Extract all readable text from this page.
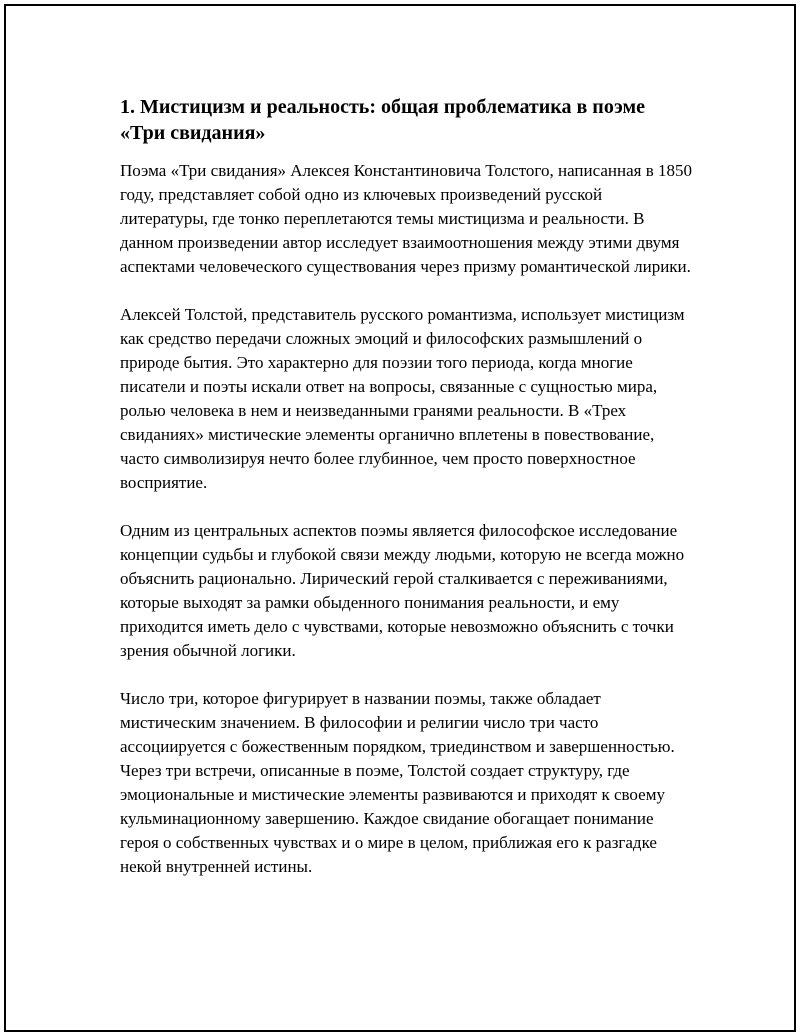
1. Мистицизм и реальность: общая проблематика в поэме «Три свидания»

Поэма «Три свидания» Алексея Константиновича Толстого, написанная в 1850 году, представляет собой одно из ключевых произведений русской литературы, где тонко переплетаются темы мистицизма и реальности. В данном произведении автор исследует взаимоотношения между этими двумя аспектами человеческого существования через призму романтической лирики.

Алексей Толстой, представитель русского романтизма, использует мистицизм как средство передачи сложных эмоций и философских размышлений о природе бытия. Это характерно для поэзии того периода, когда многие писатели и поэты искали ответ на вопросы, связанные с сущностью мира, ролью человека в нем и неизведанными гранями реальности. В «Трех свиданиях» мистические элементы органично вплетены в повествование, часто символизируя нечто более глубинное, чем просто поверхностное восприятие.

Одним из центральных аспектов поэмы является философское исследование концепции судьбы и глубокой связи между людьми, которую не всегда можно объяснить рационально. Лирический герой сталкивается с переживаниями, которые выходят за рамки обыденного понимания реальности, и ему приходится иметь дело с чувствами, которые невозможно объяснить с точки зрения обычной логики.

Число три, которое фигурирует в названии поэмы, также обладает мистическим значением. В философии и религии число три часто ассоциируется с божественным порядком, триединством и завершенностью. Через три встречи, описанные в поэме, Толстой создает структуру, где эмоциональные и мистические элементы развиваются и приходят к своему кульминационному завершению. Каждое свидание обогащает понимание героя о собственных чувствах и о мире в целом, приближая его к разгадке некой внутренней истины.
